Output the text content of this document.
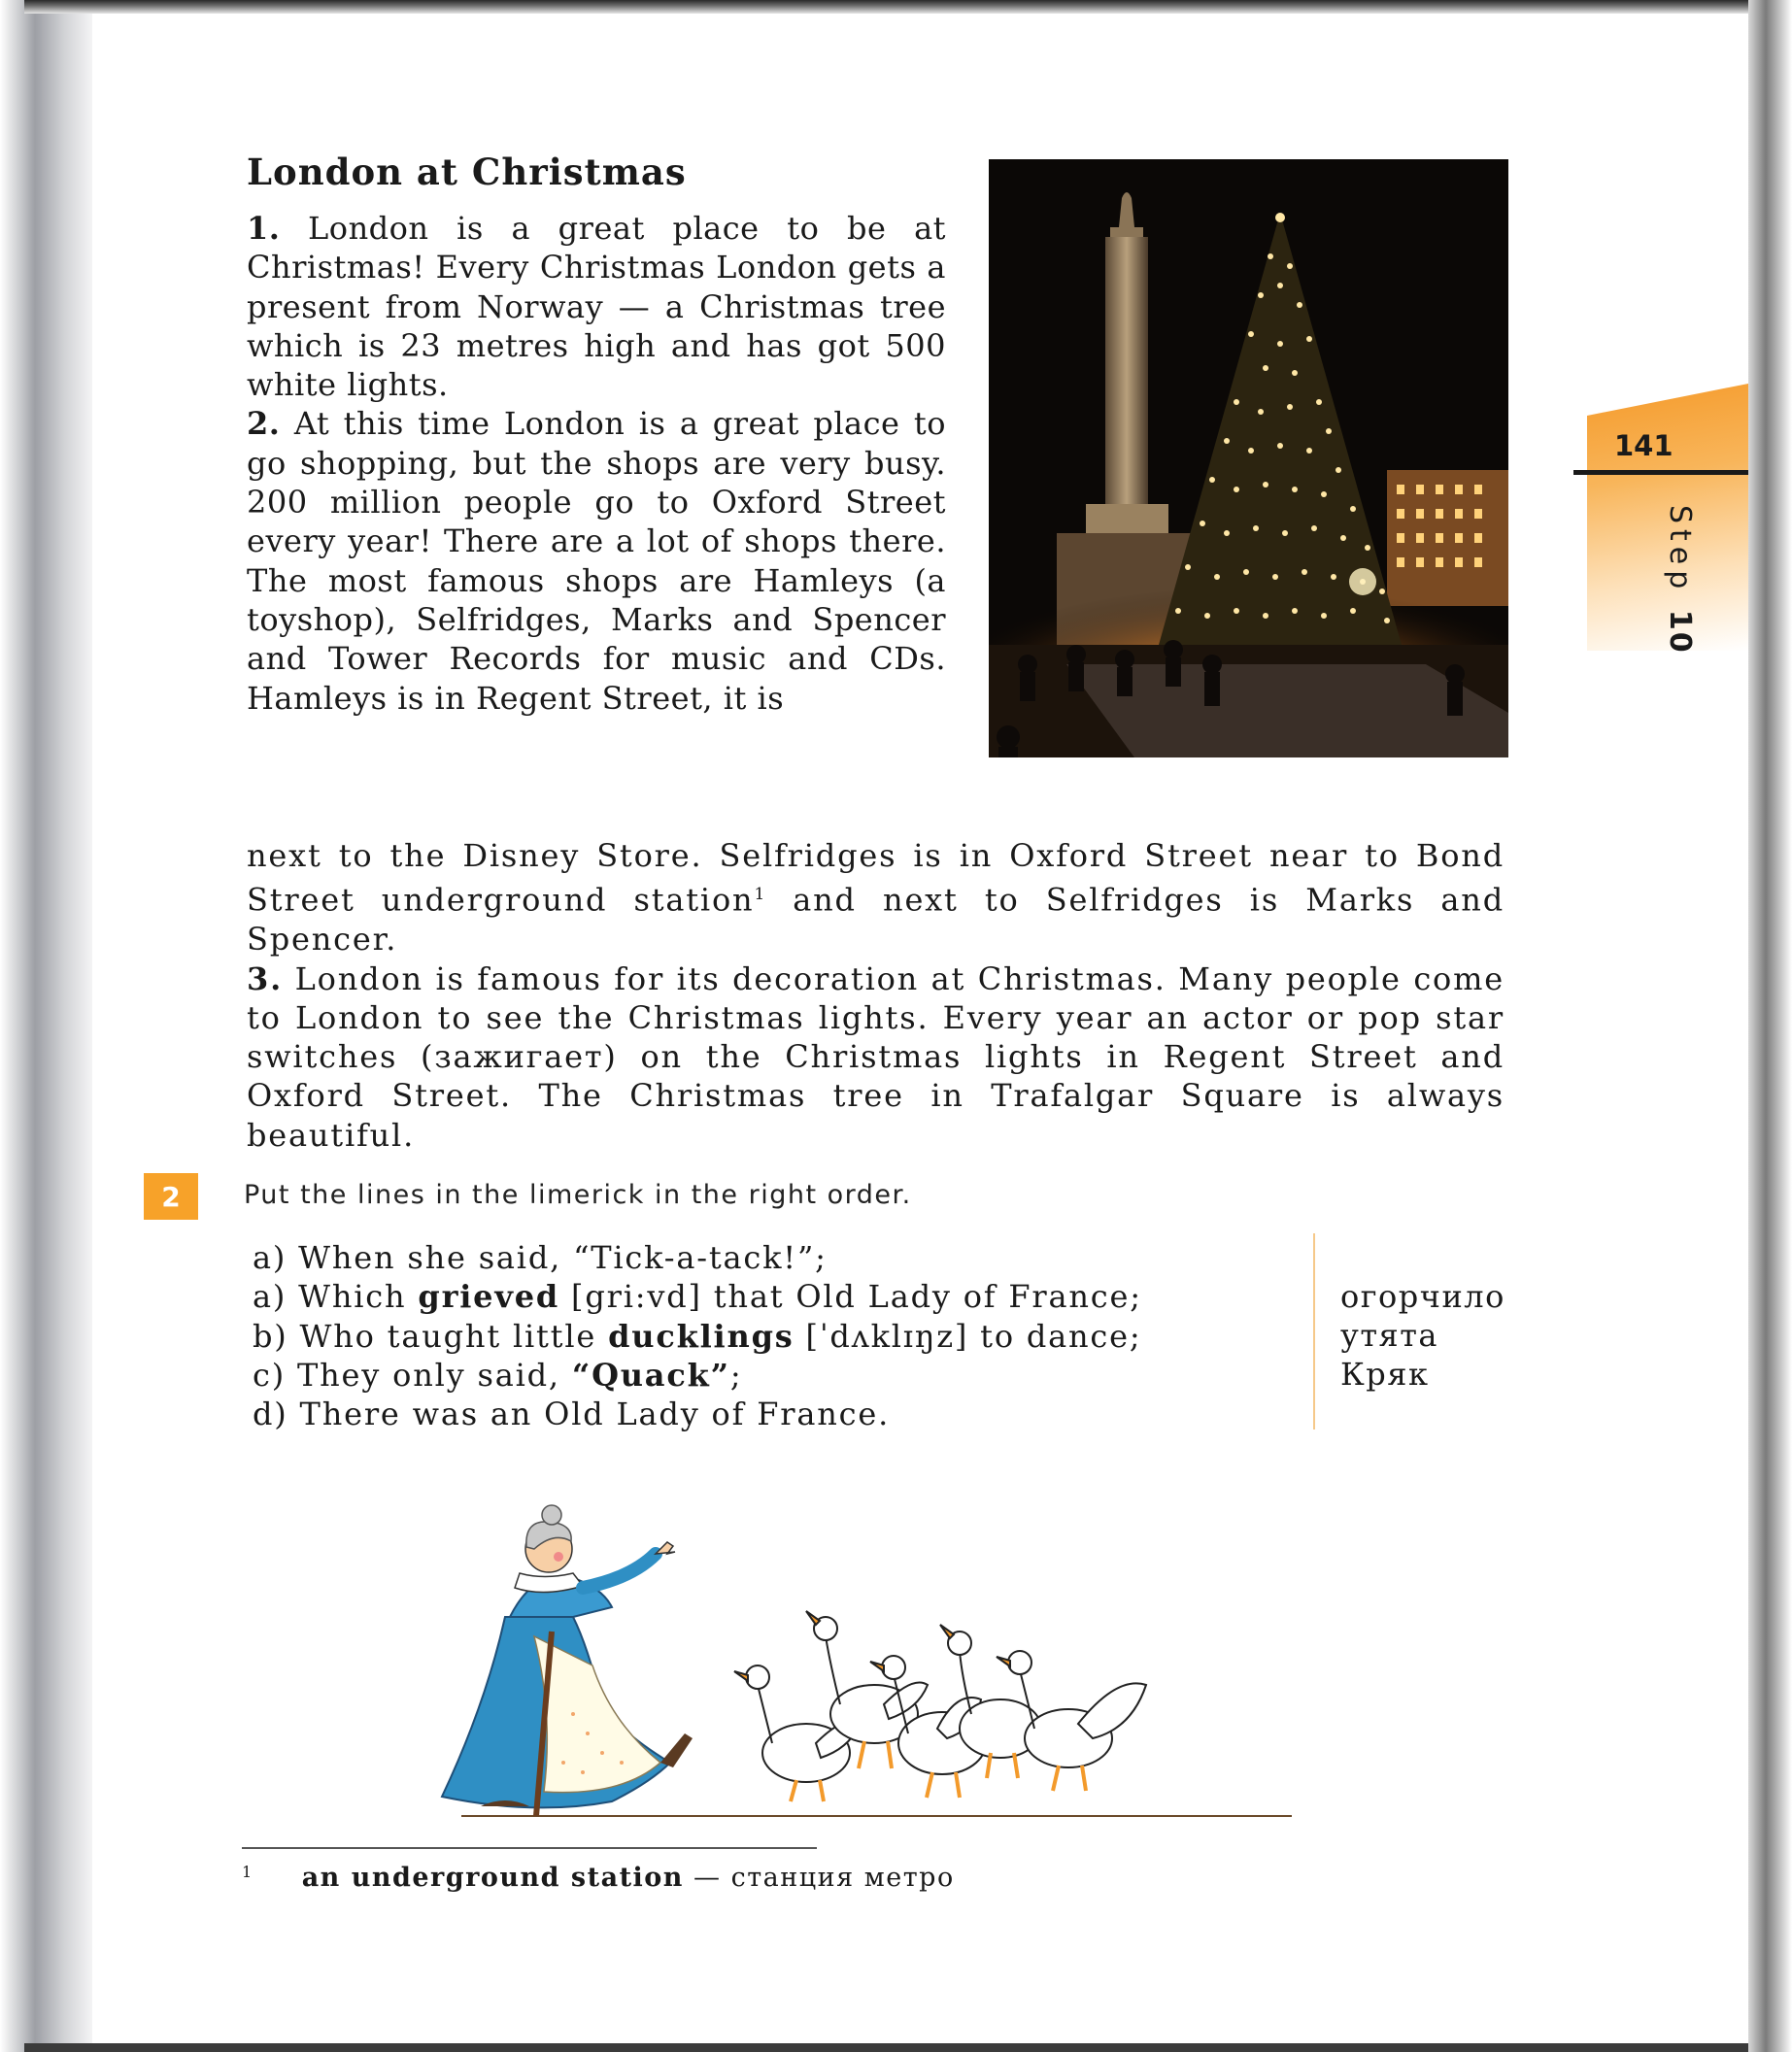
London at Christmas

1. London is a great place to be at Christmas! Every Christmas London gets a present from Norway — a Christmas tree which is 23 metres high and has got 500 white lights.

2. At this time London is a great place to go shopping, but the shops are very busy. 200 million people go to Oxford Street every year! There are a lot of shops there. The most famous shops are Hamleys (a toyshop), Selfridges, Marks and Spencer and Tower Records for music and CDs. Hamleys is in Regent Street, it is

141
Step 10

next to the Disney Store. Selfridges is in Oxford Street near to Bond Street underground station$^1$ and next to Selfridges is Marks and Spencer.

3. London is famous for its decoration at Christmas. Many people come to London to see the Christmas lights. Every year an actor or pop star switches (зажигает) on the Christmas lights in Regent Street and Oxford Street. The Christmas tree in Trafalgar Square is always beautiful.

2	Put the lines in the limerick in the right order.
a) When she said, “Tick-a-tack!”;
a) Which grieved [gri:vd] that Old Lady of France;
b) Who taught little ducklings [ˈdʌklɪŋz] to dance;
c) They only said, “Quack”;
d) There was an Old Lady of France.
огорчило
утята
Кряк
$^1$ an underground station — станция метро
